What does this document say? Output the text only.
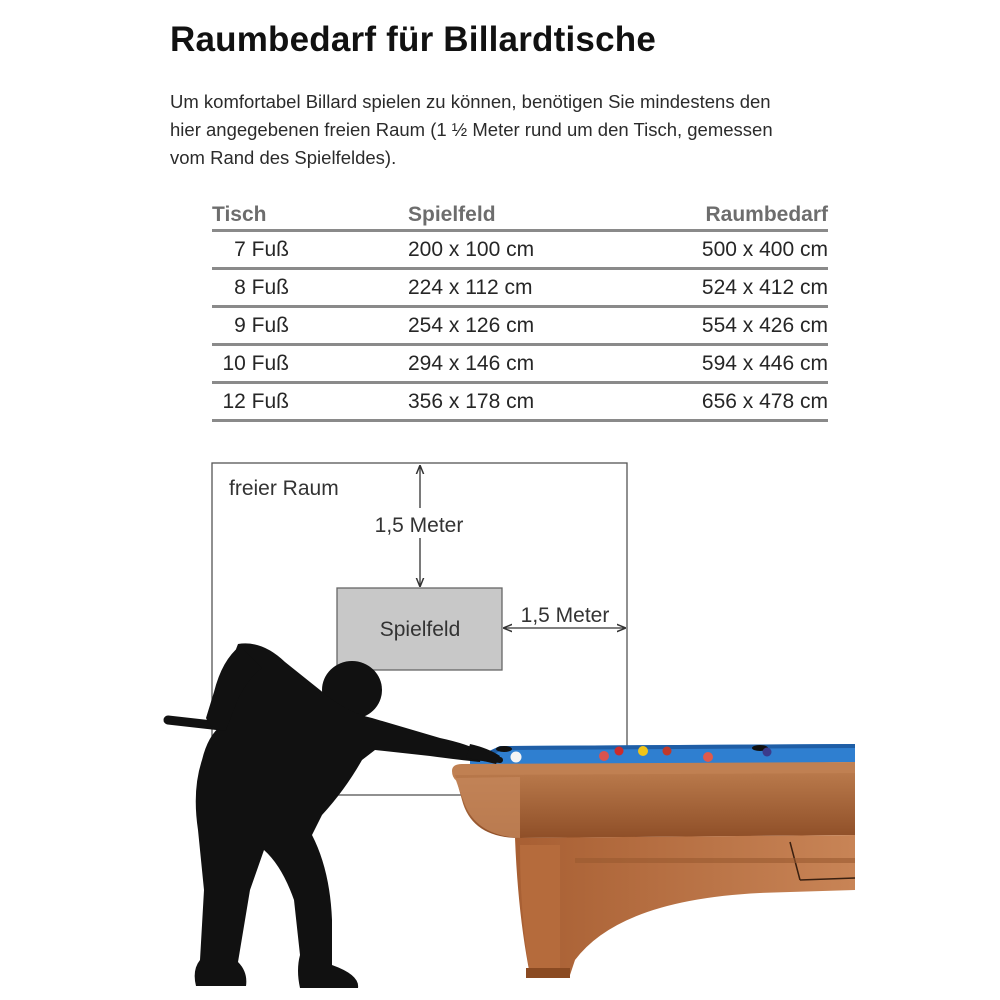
Raumbedarf für Billardtische
Um komfortabel Billard spielen zu können, benötigen Sie mindestens den
hier angegebenen freien Raum (1 ½ Meter rund um den Tisch, gemessen
vom Rand des Spielfeldes).
Tisch	Spielfeld	Raumbedarf
7 Fuß	200 x 100 cm	500 x 400 cm
8 Fuß	224 x 112 cm	524 x 412 cm
9 Fuß	254 x 126 cm	554 x 426 cm
10 Fuß	294 x 146 cm	594 x 446 cm
12 Fuß	356 x 178 cm	656 x 478 cm
freier Raum
1,5 Meter
Spielfeld
1,5 Meter
